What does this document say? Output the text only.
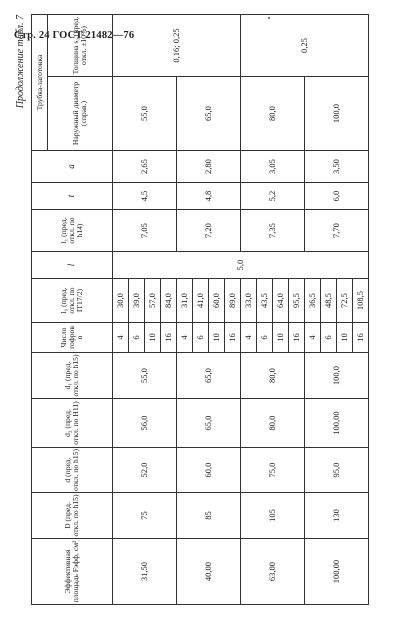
Стр. 24 ГОСТ 21482—76
Продолжение табл. 7
Эффективная площадь Fэфф, см²	D (пред. откл. по h15)	d (пред. откл. по h15)	d₂ (пред. откл. по H11)	d₁ (пред. откл. по h15)	Число гофров n	l₀ (пред. откл. по IT17/2)	l	l₁ (пред. откл. по h14)	t	a	Трубка-заготовка	
											Наружный диаметр (справ.)	Толщина s₀ (пред. откл. ±10%)
31,50	75	52,0	56,0	55,0	4	30,0	5,0	7,05	4,5	2,65	55,0	0,16; 0,25
					6	39,0						
					10	57,0						
					16	84,0						
40,00	85	60,0	65,0	65,0	4	31,0		7,20	4,8	2,80	65,0	
					6	41,0						
					10	60,0						
					16	89,0						
63,00	105	75,0	80,0	80,0	4	33,0		7,35	5,2	3,05	80,0	0,25
					6	43,5						
					10	64,0						
					16	95,5						
100,00	130	95,0	100,00	100,0	4	36,5		7,70	6,0	3,50	100,0	
					6	48,5						
					10	72,5						
					16	108,5						
